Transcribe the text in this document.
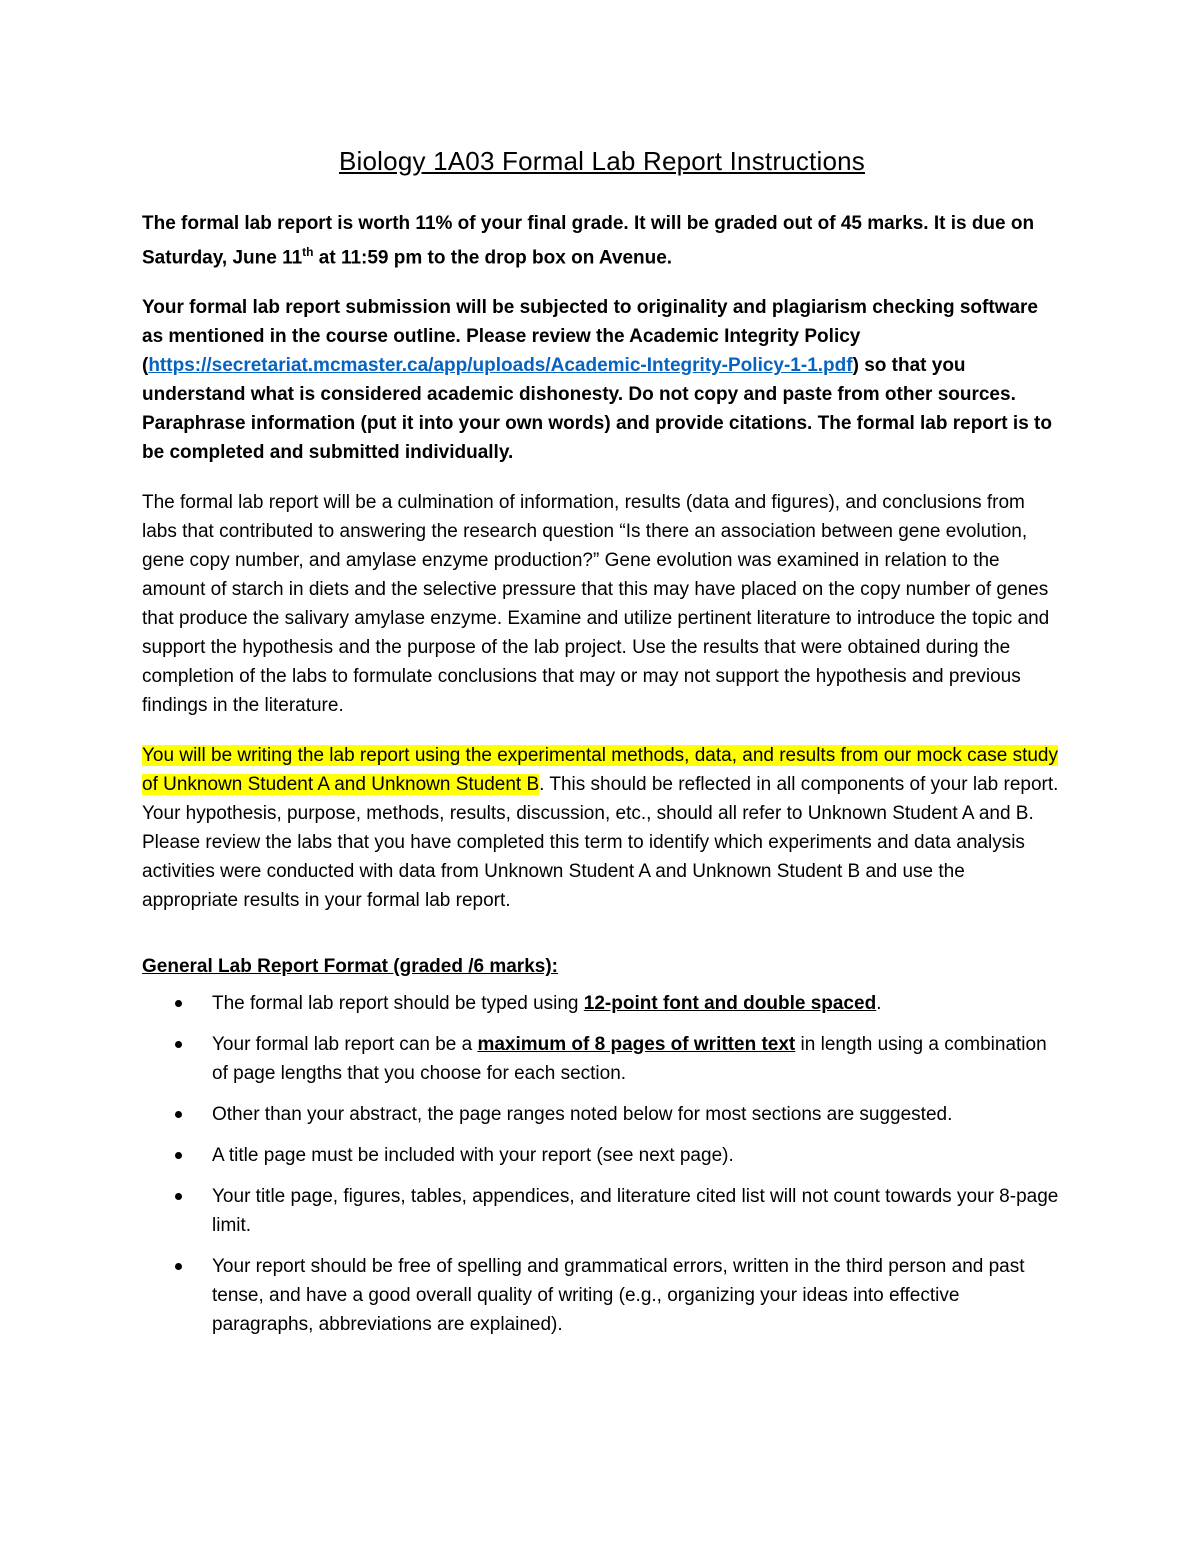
Biology 1A03 Formal Lab Report Instructions

The formal lab report is worth 11% of your final grade. It will be graded out of 45 marks. It is due on Saturday, June 11th at 11:59 pm to the drop box on Avenue.

Your formal lab report submission will be subjected to originality and plagiarism checking software as mentioned in the course outline. Please review the Academic Integrity Policy (https://secretariat.mcmaster.ca/app/uploads/Academic-Integrity-Policy-1-1.pdf) so that you understand what is considered academic dishonesty. Do not copy and paste from other sources. Paraphrase information (put it into your own words) and provide citations. The formal lab report is to be completed and submitted individually.

The formal lab report will be a culmination of information, results (data and figures), and conclusions from labs that contributed to answering the research question “Is there an association between gene evolution, gene copy number, and amylase enzyme production?” Gene evolution was examined in relation to the amount of starch in diets and the selective pressure that this may have placed on the copy number of genes that produce the salivary amylase enzyme. Examine and utilize pertinent literature to introduce the topic and support the hypothesis and the purpose of the lab project. Use the results that were obtained during the completion of the labs to formulate conclusions that may or may not support the hypothesis and previous findings in the literature.

You will be writing the lab report using the experimental methods, data, and results from our mock case study of Unknown Student A and Unknown Student B. This should be reflected in all components of your lab report. Your hypothesis, purpose, methods, results, discussion, etc., should all refer to Unknown Student A and B. Please review the labs that you have completed this term to identify which experiments and data analysis activities were conducted with data from Unknown Student A and Unknown Student B and use the appropriate results in your formal lab report.

General Lab Report Format (graded /6 marks):
The formal lab report should be typed using 12-point font and double spaced.
Your formal lab report can be a maximum of 8 pages of written text in length using a combination of page lengths that you choose for each section.
Other than your abstract, the page ranges noted below for most sections are suggested.
A title page must be included with your report (see next page).
Your title page, figures, tables, appendices, and literature cited list will not count towards your 8-page limit.
Your report should be free of spelling and grammatical errors, written in the third person and past tense, and have a good overall quality of writing (e.g., organizing your ideas into effective paragraphs, abbreviations are explained).
